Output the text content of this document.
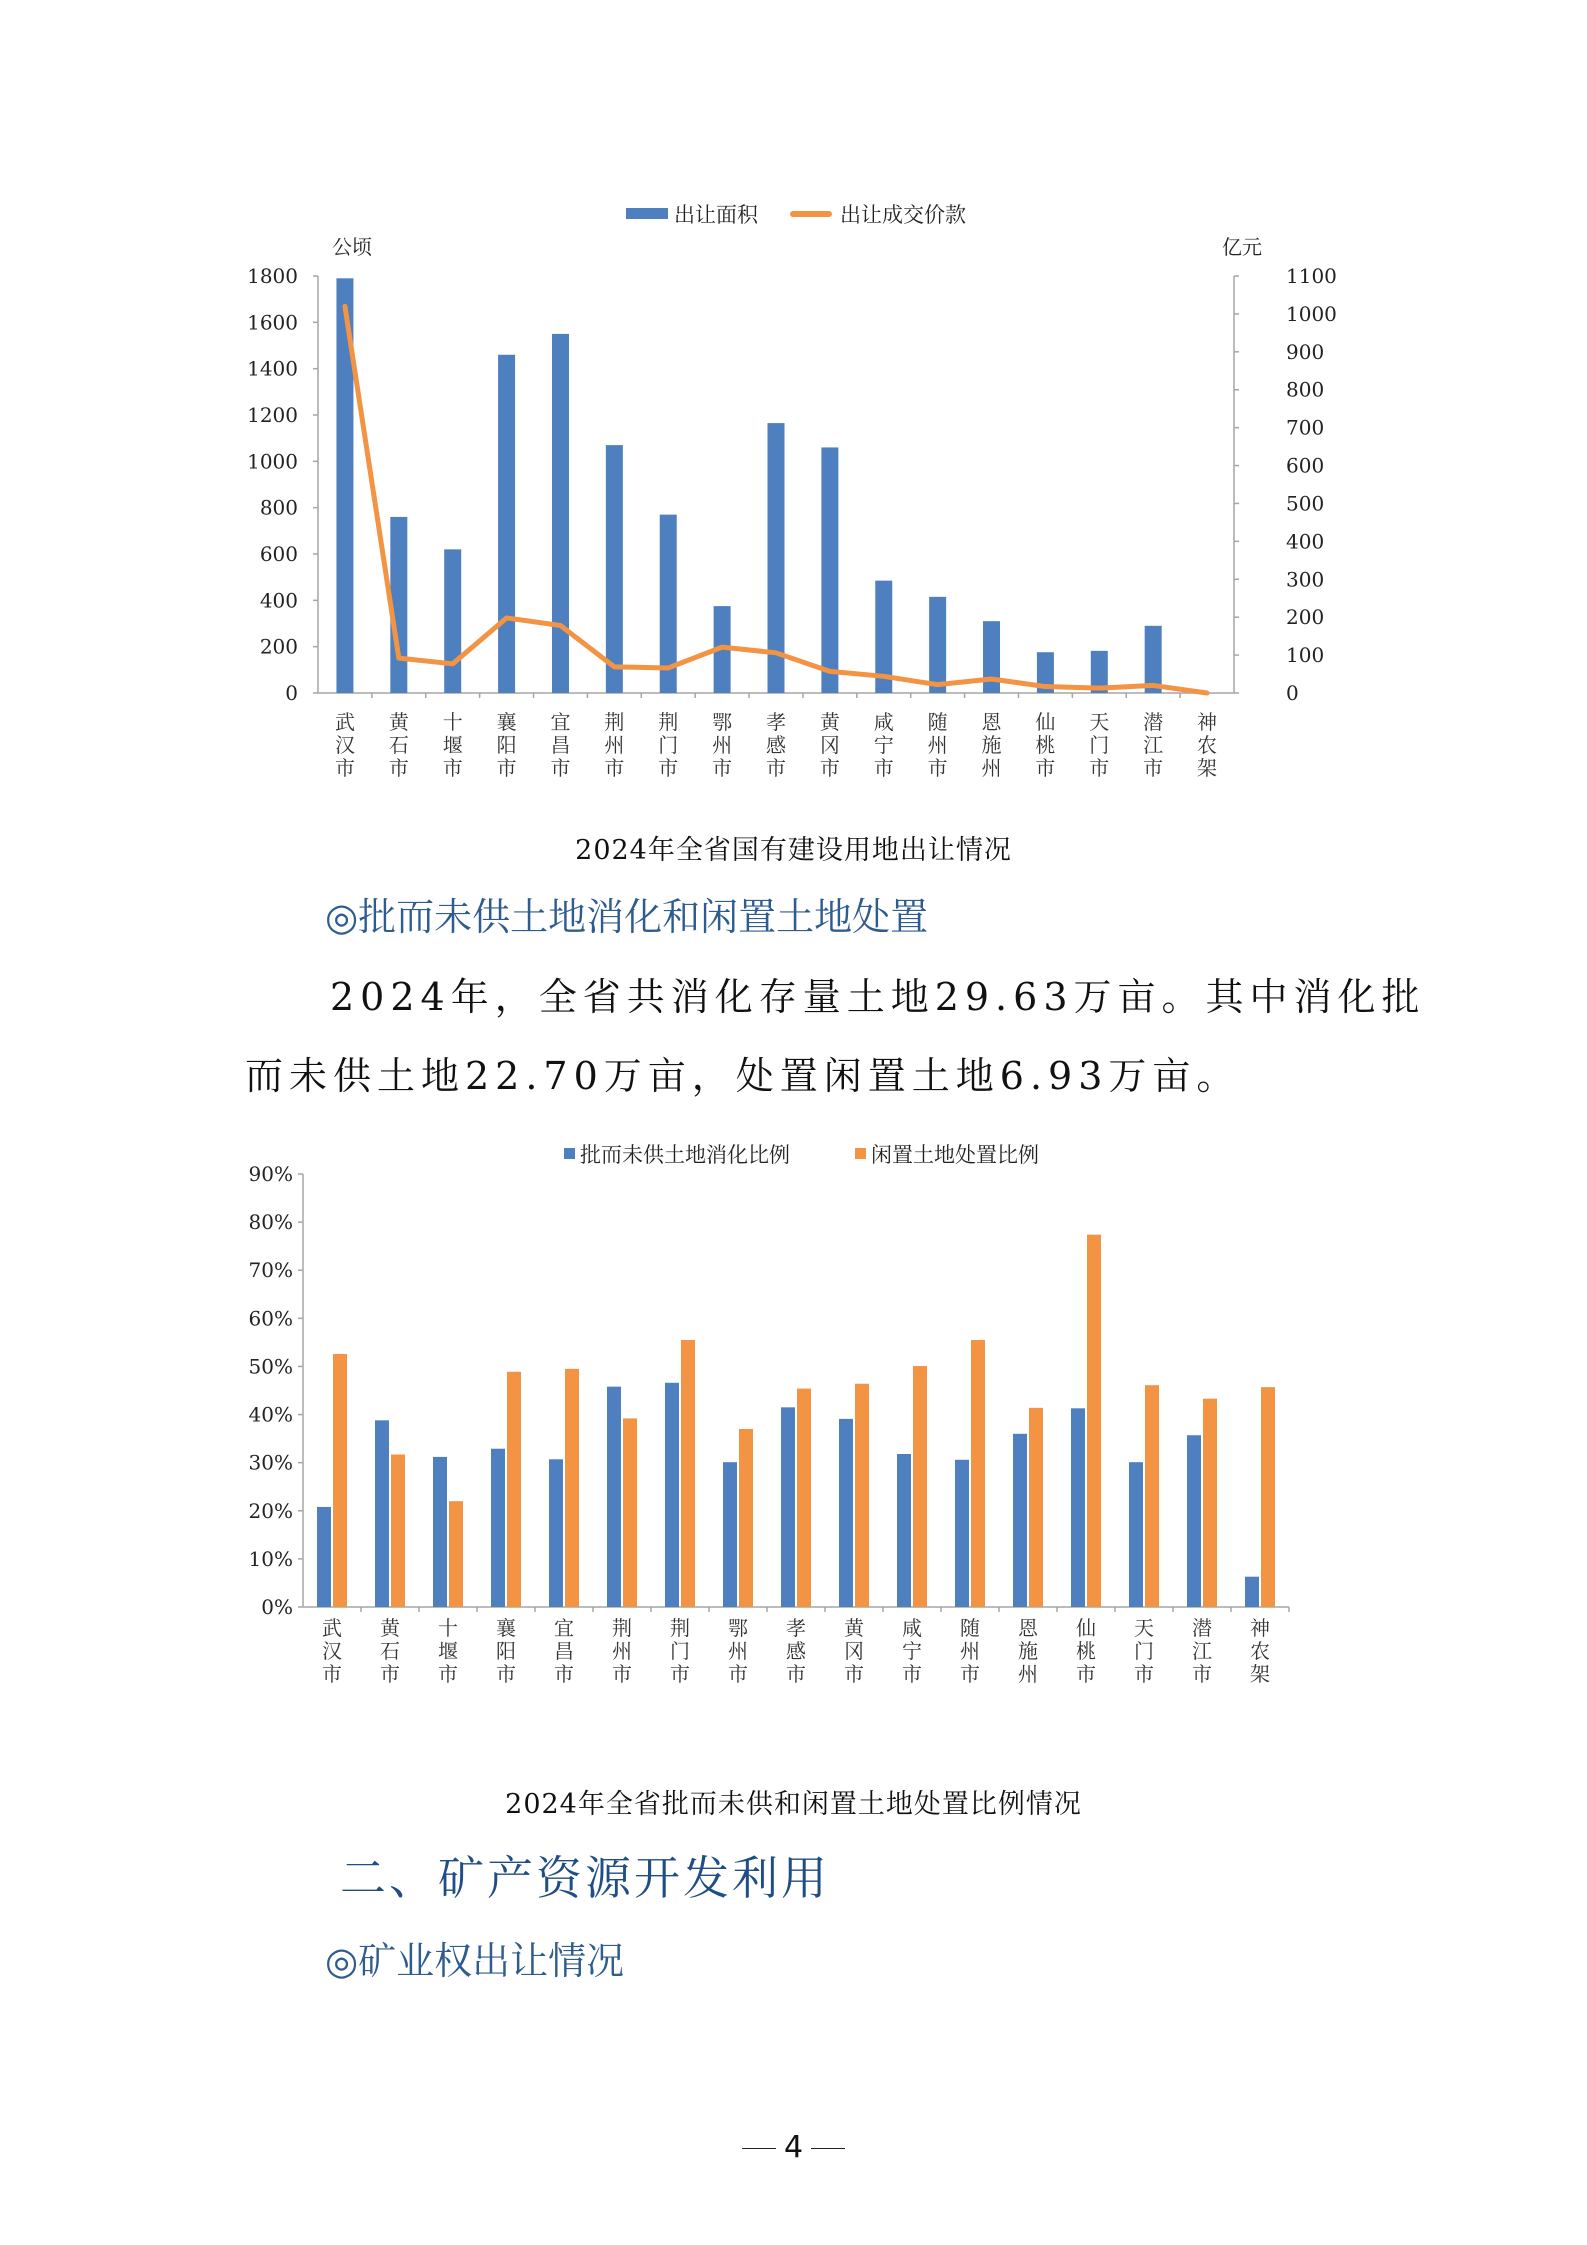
出让面积	出让成交价款
公顷	亿元
0
200
400
600
800
1000
1200
1400
1600
1800
0
100
200
300
400
500
600
700
800
900
1000
1100
武
汉
市
黄
石
市
十
堰
市
襄
阳
市
宜
昌
市
荆
州
市
荆
门
市
鄂
州
市
孝
感
市
黄
冈
市
咸
宁
市
随
州
市
恩
施
州
仙
桃
市
天
门
市
潜
江
市
神
农
架
2024年全省国有建设用地出让情况
◎批而未供土地消化和闲置土地处置
2024年，全省共消化存量土地29.63万亩。其中消化批
而未供土地22.70万亩，处置闲置土地6.93万亩。
批而未供土地消化比例	闲置土地处置比例
0%
10%
20%
30%
40%
50%
60%
70%
80%
90%
武
汉
市
黄
石
市
十
堰
市
襄
阳
市
宜
昌
市
荆
州
市
荆
门
市
鄂
州
市
孝
感
市
黄
冈
市
咸
宁
市
随
州
市
恩
施
州
仙
桃
市
天
门
市
潜
江
市
神
农
架
2024年全省批而未供和闲置土地处置比例情况
二、矿产资源开发利用
◎矿业权出让情况
4
